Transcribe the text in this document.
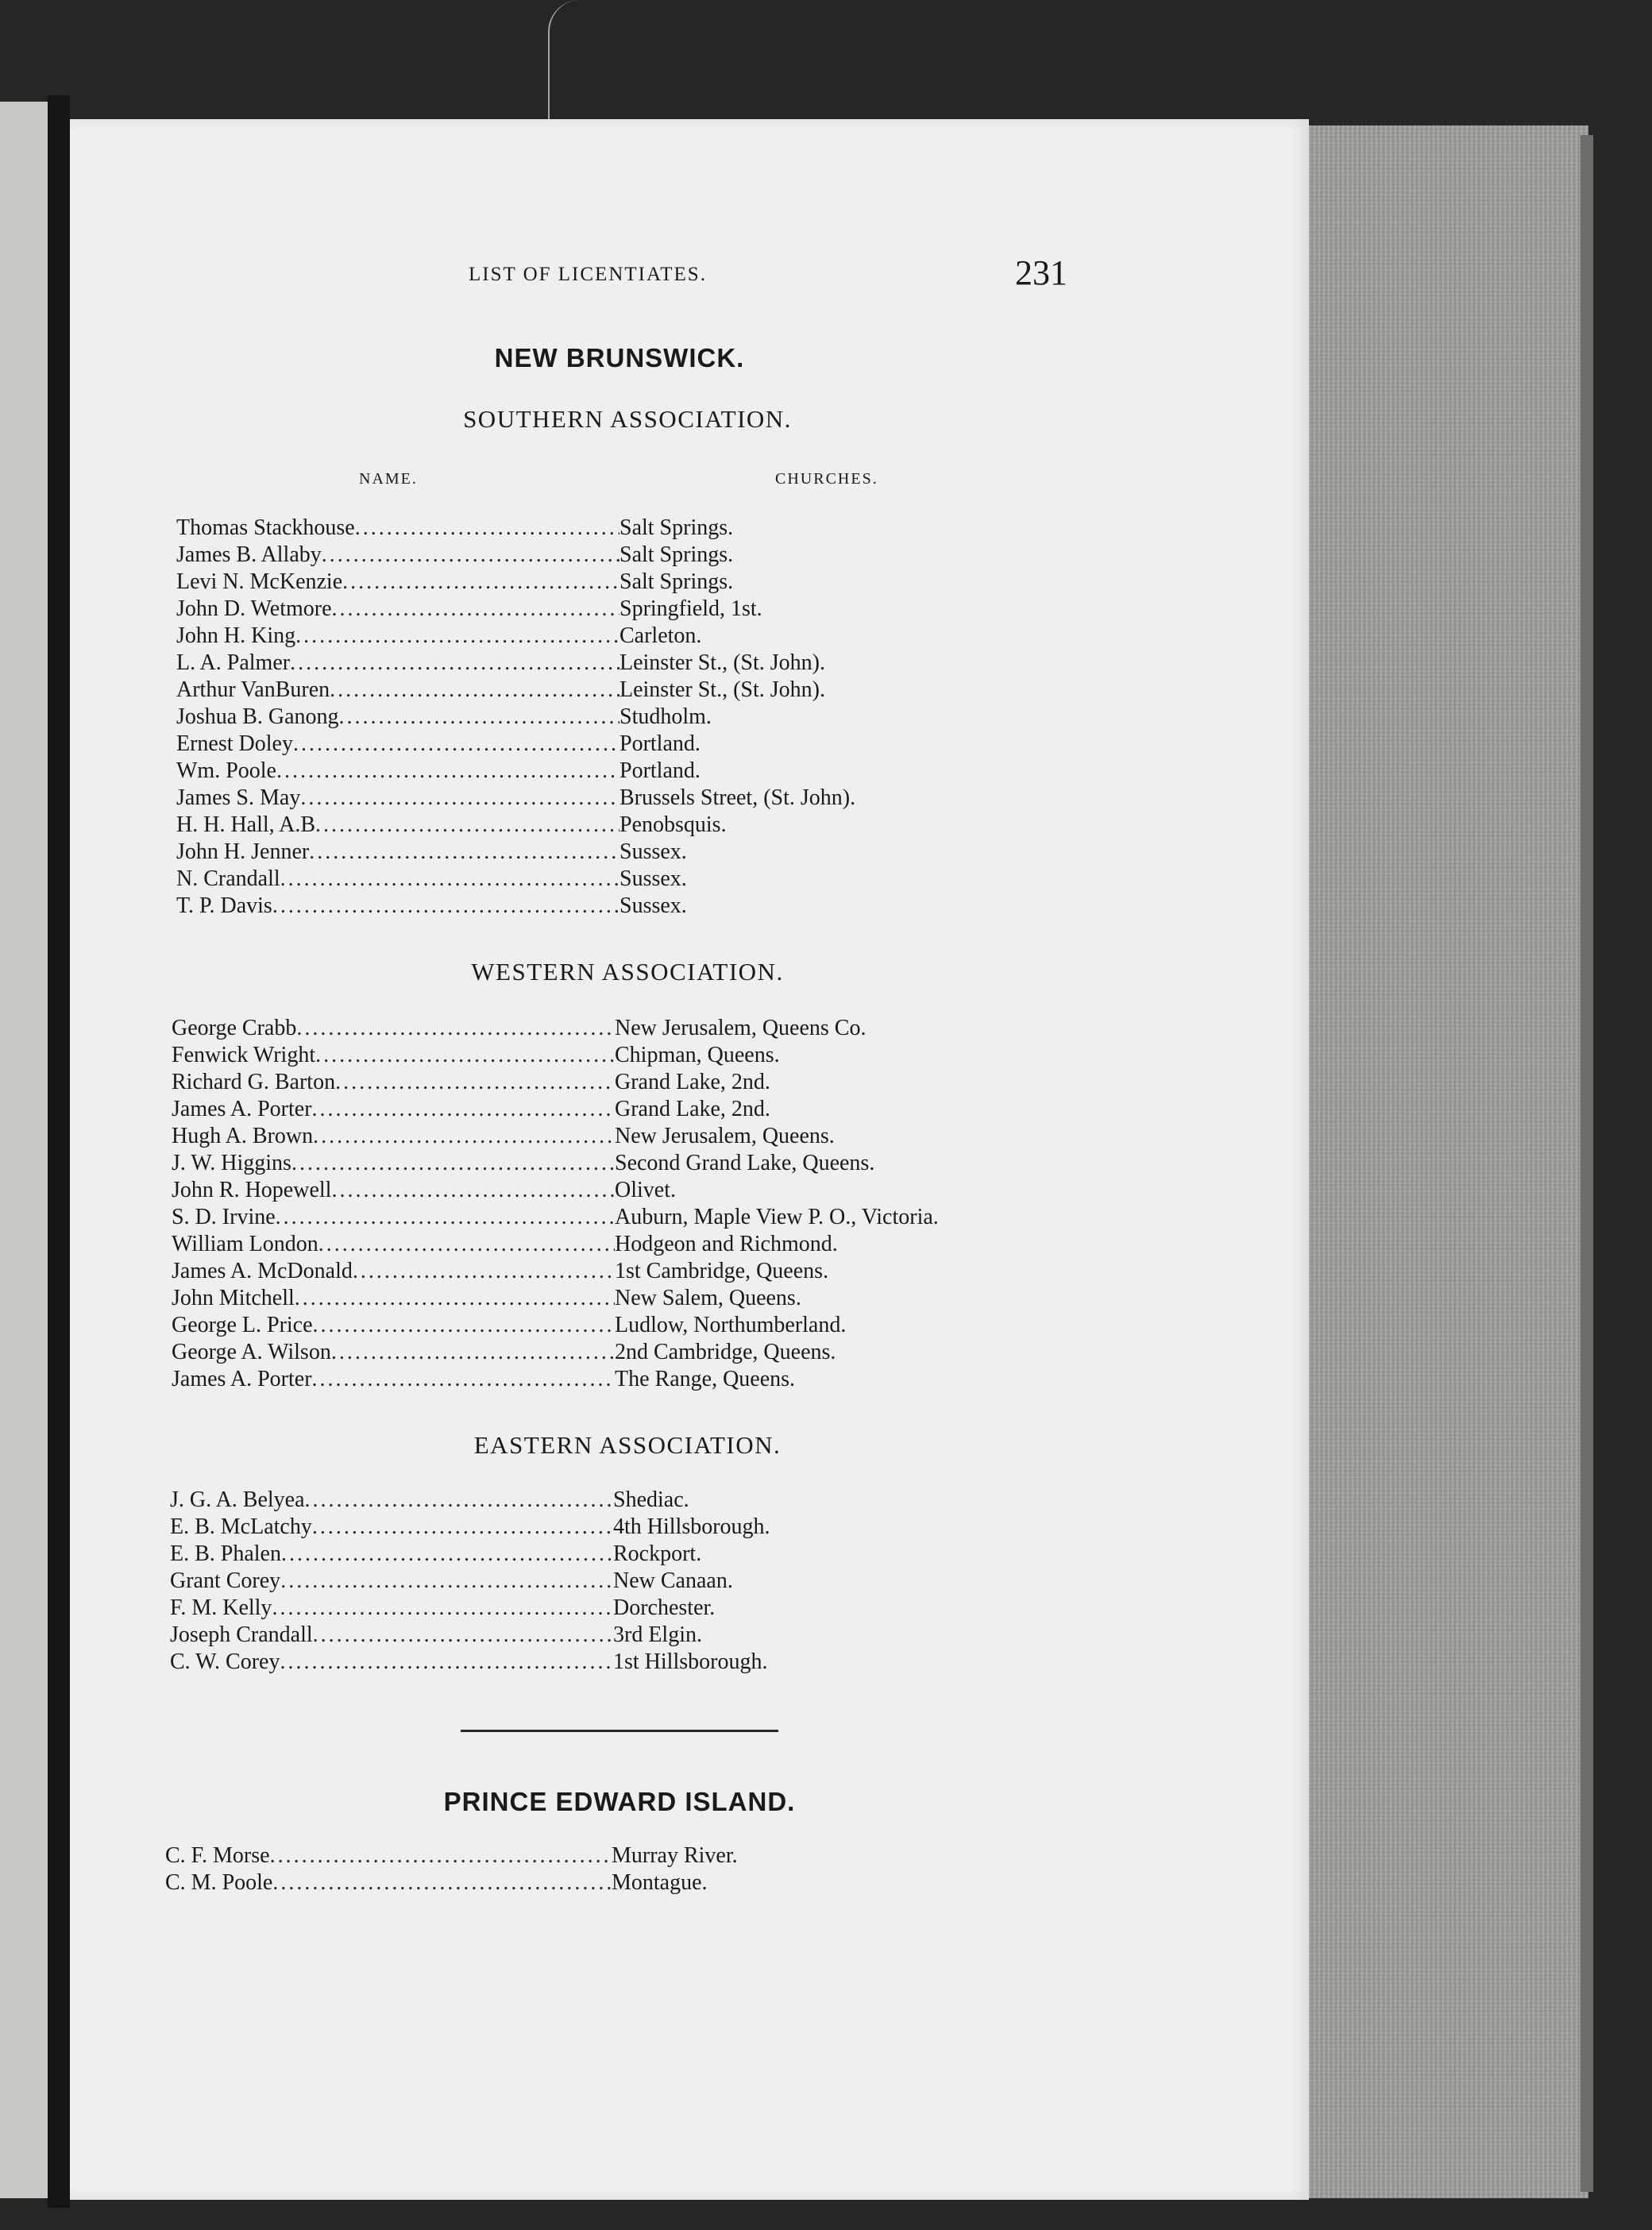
LIST OF LICENTIATES.	231
NEW BRUNSWICK.
SOUTHERN ASSOCIATION.
NAME.	CHURCHES.
Thomas Stackhouse .....	Salt Springs.
James B. Allaby .....	Salt Springs.
Levi N. McKenzie .....	Salt Springs.
John D. Wetmore .....	Springfield, 1st.
John H. King .....	Carleton.
L. A. Palmer .....	Leinster St., (St. John).
Arthur VanBuren .....	Leinster St., (St. John).
Joshua B. Ganong .....	Studholm.
Ernest Doley .....	Portland.
Wm. Poole .....	Portland.
James S. May .....	Brussels Street, (St. John).
H. H. Hall, A.B .....	Penobsquis.
John H. Jenner .....	Sussex.
N. Crandall .....	Sussex.
T. P. Davis .....	Sussex.
WESTERN ASSOCIATION.
George Crabb .....	New Jerusalem, Queens Co.
Fenwick Wright .....	Chipman, Queens.
Richard G. Barton .....	Grand Lake, 2nd.
James A. Porter .....	Grand Lake, 2nd.
Hugh A. Brown .....	New Jerusalem, Queens.
J. W. Higgins .....	Second Grand Lake, Queens.
John R. Hopewell .....	Olivet.
S. D. Irvine .....	Auburn, Maple View P. O., Victoria.
William London .....	Hodgeon and Richmond.
James A. McDonald .....	1st Cambridge, Queens.
John Mitchell .....	New Salem, Queens.
George L. Price .....	Ludlow, Northumberland.
George A. Wilson .....	2nd Cambridge, Queens.
James A. Porter .....	The Range, Queens.
EASTERN ASSOCIATION.
J. G. A. Belyea .....	Shediac.
E. B. McLatchy .....	4th Hillsborough.
E. B. Phalen .....	Rockport.
Grant Corey .....	New Canaan.
F. M. Kelly .....	Dorchester.
Joseph Crandall .....	3rd Elgin.
C. W. Corey .....	1st Hillsborough.
PRINCE EDWARD ISLAND.
C. F. Morse .....	Murray River.
C. M. Poole .....	Montague.
